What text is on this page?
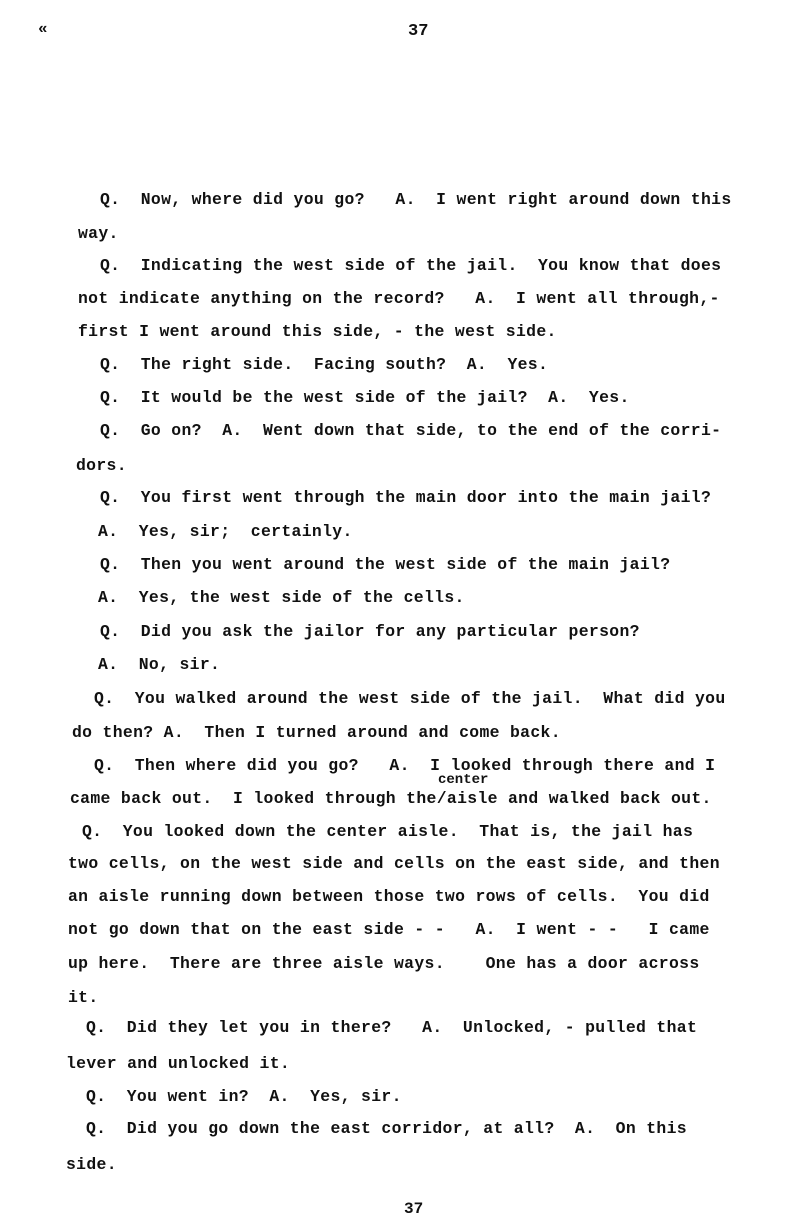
«	37
Q.  Now, where did you go?   A.  I went right around down this
way.
Q.  Indicating the west side of the jail.  You know that does
not indicate anything on the record?   A.  I went all through,-
first I went around this side, - the west side.
Q.  The right side.  Facing south?  A.  Yes.
Q.  It would be the west side of the jail?  A.  Yes.
Q.  Go on?  A.  Went down that side, to the end of the corri-
dors.
Q.  You first went through the main door into the main jail?
A.  Yes, sir;  certainly.
Q.  Then you went around the west side of the main jail?
A.  Yes, the west side of the cells.
Q.  Did you ask the jailor for any particular person?
A.  No, sir.
Q.  You walked around the west side of the jail.  What did you
do then? A.  Then I turned around and come back.
Q.  Then where did you go?   A.  I looked through there and I
came back out.  I looked through the/aisle and walked back out.
Q.  You looked down the center aisle.  That is, the jail has
two cells, on the west side and cells on the east side, and then
an aisle running down between those two rows of cells.  You did
not go down that on the east side - -   A.  I went - -   I came
up here.  There are three aisle ways.    One has a door across
it.
Q.  Did they let you in there?   A.  Unlocked, - pulled that
lever and unlocked it.
Q.  You went in?  A.  Yes, sir.
Q.  Did you go down the east corridor, at all?  A.  On this
side.
center
37
